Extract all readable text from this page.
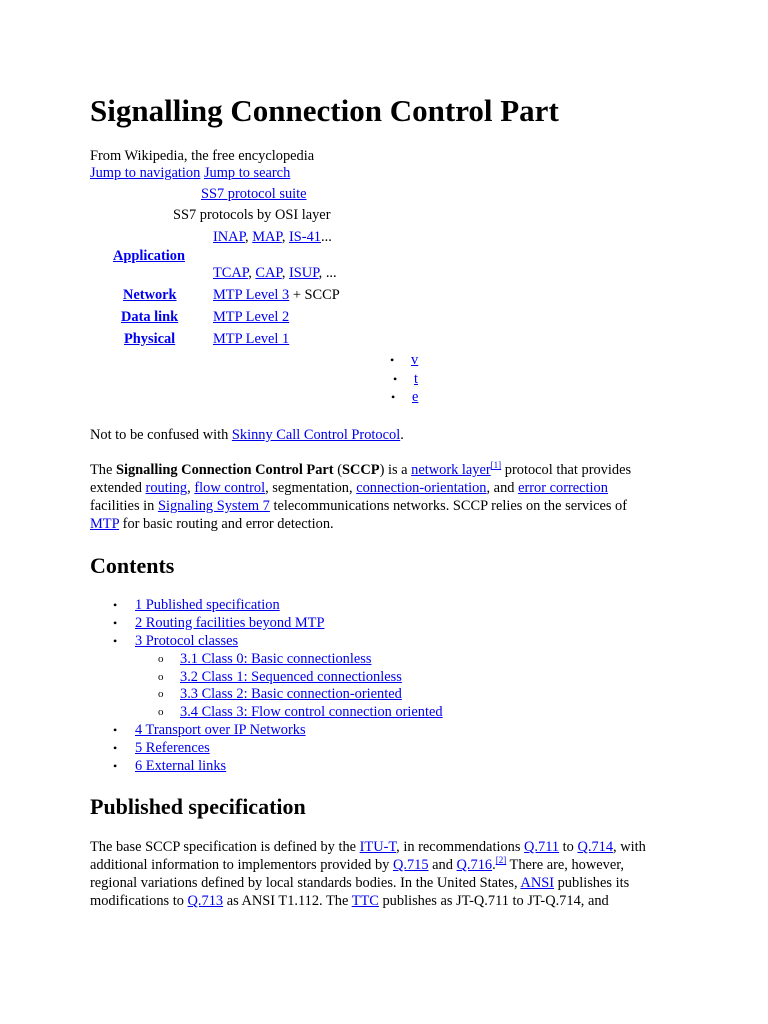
Signalling Connection Control Part
From Wikipedia, the free encyclopedia
Jump to navigation Jump to search
SS7 protocol suite
SS7 protocols by OSI layer
INAP, MAP, IS-41...
Application
TCAP, CAP, ISUP, ...
Network	MTP Level 3 + SCCP
Data link MTP Level 2
Physical	MTP Level 1
• v
• t
• e
Not to be confused with Skinny Call Control Protocol.
The Signalling Connection Control Part (SCCP) is a network layer[1] protocol that provides
extended routing, flow control, segmentation, connection-orientation, and error correction
facilities in Signaling System 7 telecommunications networks. SCCP relies on the services of
MTP for basic routing and error detection.
Contents
• 1 Published specification
• 2 Routing facilities beyond MTP
• 3 Protocol classes
o 3.1 Class 0: Basic connectionless
o 3.2 Class 1: Sequenced connectionless
o 3.3 Class 2: Basic connection-oriented
o 3.4 Class 3: Flow control connection oriented
• 4 Transport over IP Networks
• 5 References
• 6 External links
Published specification
The base SCCP specification is defined by the ITU-T, in recommendations Q.711 to Q.714, with
additional information to implementors provided by Q.715 and Q.716.[2] There are, however,
regional variations defined by local standards bodies. In the United States, ANSI publishes its
modifications to Q.713 as ANSI T1.112. The TTC publishes as JT-Q.711 to JT-Q.714, and
